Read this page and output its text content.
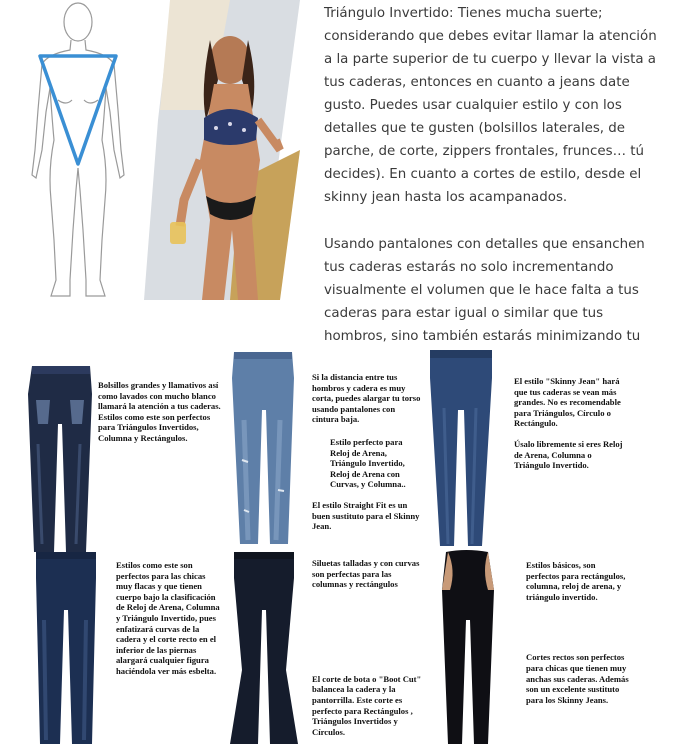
Triángulo Invertido: Tienes mucha suerte; considerando que debes evitar llamar la atención a la parte superior de tu cuerpo y llevar la vista a tus caderas, entonces en cuanto a jeans date gusto. Puedes usar cualquier estilo y con los detalles que te gusten (bolsillos laterales, de parche, de corte, zippers frontales, frunces… tú decides). En cuanto a cortes de estilo, desde el skinny jean hasta los acampanados.

Usando pantalones con detalles que ensanchen tus caderas estarás no solo incrementando visualmente el volumen que le hace falta a tus caderas para estar igual o similar que tus hombros, sino también estarás minimizando tu

Bolsillos grandes y llamativos así como lavados con mucho blanco llamará la atención a tus caderas. Estilos como este son perfectos para Triángulos Invertidos, Columna y Rectángulos.

Si la distancia entre tus hombros y cadera es muy corta, puedes alargar tu torso usando pantalones con cintura baja.

Estilo perfecto para Reloj de Arena, Triángulo Invertido, Reloj de Arena con Curvas, y Columna..

El estilo Straight Fit es un buen sustituto para el Skinny Jean.

El estilo "Skinny Jean" hará que tus caderas se vean más grandes. No es recomendable para Triángulos, Círculo o Rectángulo.

Úsalo libremente si eres Reloj de Arena, Columna o Triángulo Invertido.

Estilos como este son perfectos para las chicas muy flacas y que tienen cuerpo bajo la clasificación de Reloj de Arena, Columna y Triángulo Invertido, pues enfatizará curvas de la cadera y el corte recto en el inferior de las piernas alargará cualquier figura haciéndola ver más esbelta.

Siluetas talladas y con curvas son perfectas para las columnas y rectángulos

El corte de bota o "Boot Cut" balancea la cadera y la pantorrilla. Este corte es perfecto para Rectángulos , Triángulos Invertidos y Círculos.

Estilos básicos, son perfectos para rectángulos, columna, reloj de arena, y triángulo invertido.

Cortes rectos son perfectos para chicas que tienen muy anchas sus caderas. Además son un excelente sustituto para los Skinny Jeans.
